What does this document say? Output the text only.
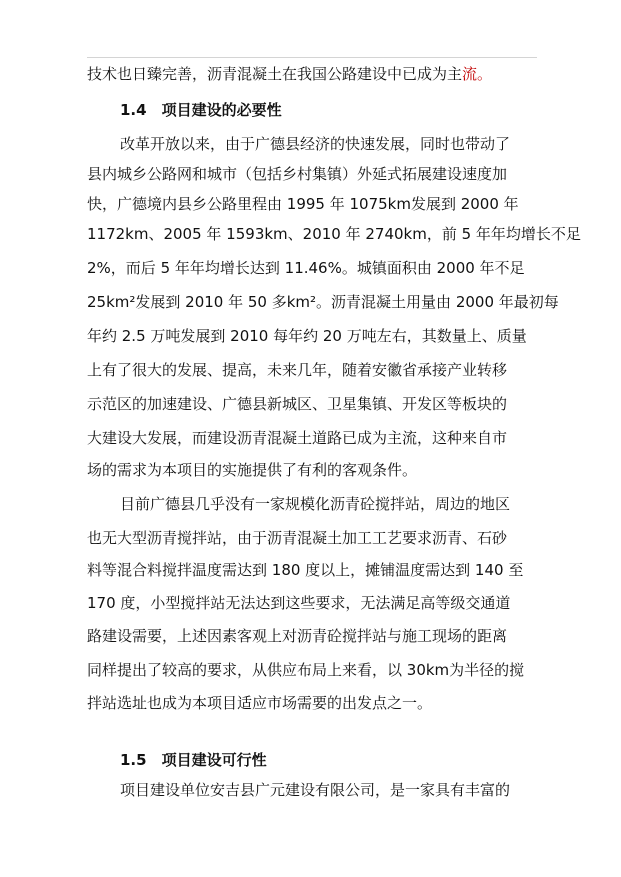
技术也日臻完善，沥青混凝土在我国公路建设中已成为主流。
1.4　项目建设的必要性
改革开放以来，由于广德县经济的快速发展，同时也带动了
县内城乡公路网和城市（包括乡村集镇）外延式拓展建设速度加
快，广德境内县乡公路里程由 1995 年 1075km发展到 2000 年
1172km、2005 年 1593km、2010 年 2740km，前 5 年年均增长不足
2%，而后 5 年年均增长达到 11.46%。城镇面积由 2000 年不足
25km²发展到 2010 年 50 多km²。沥青混凝土用量由 2000 年最初每
年约 2.5 万吨发展到 2010 每年约 20 万吨左右，其数量上、质量
上有了很大的发展、提高，未来几年，随着安徽省承接产业转移
示范区的加速建设、广德县新城区、卫星集镇、开发区等板块的
大建设大发展，而建设沥青混凝土道路已成为主流，这种来自市
场的需求为本项目的实施提供了有利的客观条件。
目前广德县几乎没有一家规模化沥青砼搅拌站，周边的地区
也无大型沥青搅拌站，由于沥青混凝土加工工艺要求沥青、石砂
料等混合料搅拌温度需达到 180 度以上，摊铺温度需达到 140 至
170 度，小型搅拌站无法达到这些要求，无法满足高等级交通道
路建设需要，上述因素客观上对沥青砼搅拌站与施工现场的距离
同样提出了较高的要求，从供应布局上来看，以 30km为半径的搅
拌站选址也成为本项目适应市场需要的出发点之一。
1.5　项目建设可行性
项目建设单位安吉县广元建设有限公司，是一家具有丰富的
